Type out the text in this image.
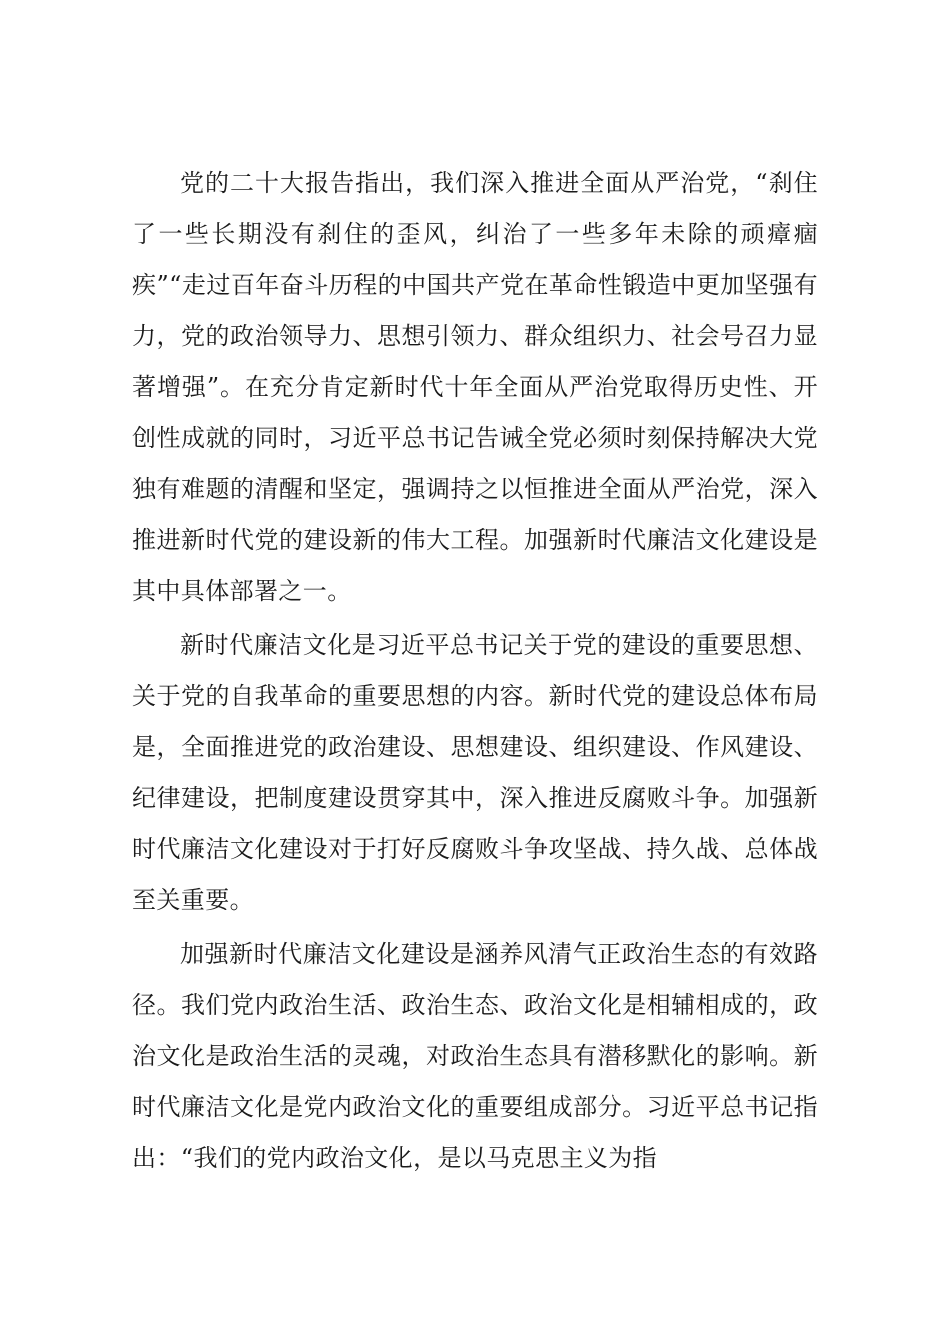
党的二十大报告指出，我们深入推进全面从严治党，“刹住了一些长期没有刹住的歪风，纠治了一些多年未除的顽瘴痼疾”“走过百年奋斗历程的中国共产党在革命性锻造中更加坚强有力，党的政治领导力、思想引领力、群众组织力、社会号召力显著增强”。在充分肯定新时代十年全面从严治党取得历史性、开创性成就的同时，习近平总书记告诫全党必须时刻保持解决大党独有难题的清醒和坚定，强调持之以恒推进全面从严治党，深入推进新时代党的建设新的伟大工程。加强新时代廉洁文化建设是其中具体部署之一。

新时代廉洁文化是习近平总书记关于党的建设的重要思想、关于党的自我革命的重要思想的内容。新时代党的建设总体布局是，全面推进党的政治建设、思想建设、组织建设、作风建设、纪律建设，把制度建设贯穿其中，深入推进反腐败斗争。加强新时代廉洁文化建设对于打好反腐败斗争攻坚战、持久战、总体战至关重要。

加强新时代廉洁文化建设是涵养风清气正政治生态的有效路径。我们党内政治生活、政治生态、政治文化是相辅相成的，政治文化是政治生活的灵魂，对政治生态具有潜移默化的影响。新时代廉洁文化是党内政治文化的重要组成部分。习近平总书记指出：“我们的党内政治文化，是以马克思主义为指
